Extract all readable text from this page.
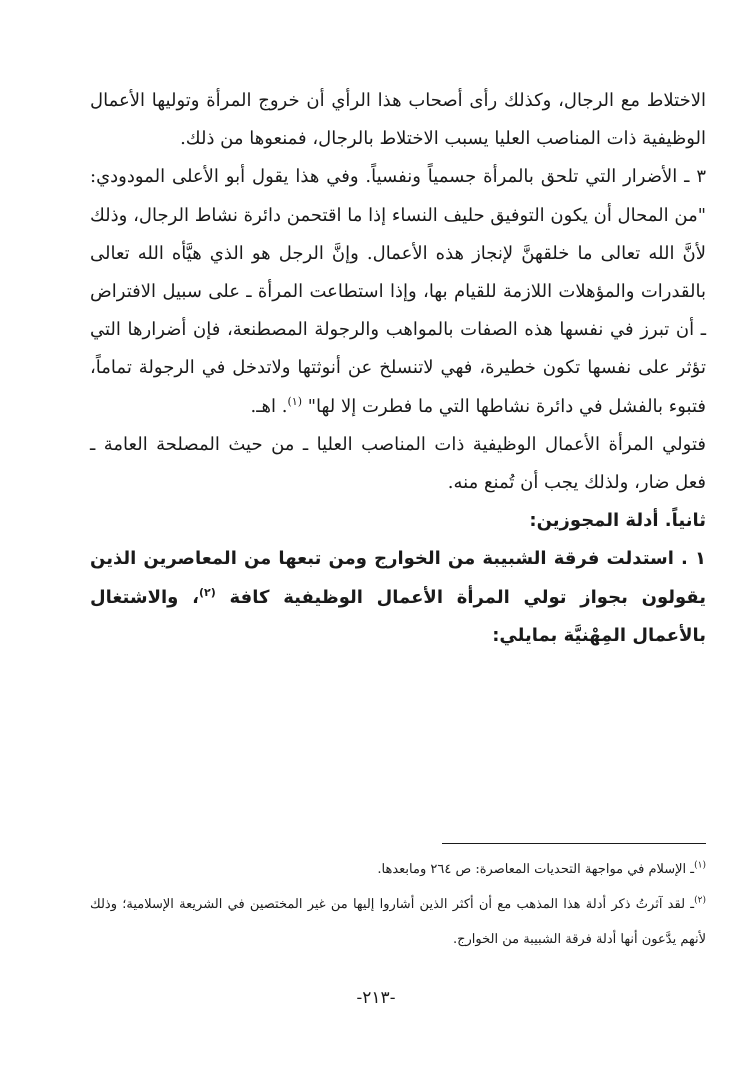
الاختلاط مع الرجال، وكذلك رأى أصحاب هذا الرأي أن خروج المرأة وتوليها الأعمال الوظيفية ذات المناصب العليا يسبب الاختلاط بالرجال، فمنعوها من ذلك.

٣ ـ الأضرار التي تلحق بالمرأة جسمياً ونفسياً. وفي هذا يقول أبو الأعلى المودودي: "من المحال أن يكون التوفيق حليف النساء إذا ما اقتحمن دائرة نشاط الرجال، وذلك لأنَّ الله تعالى ما خلقهنَّ لإنجاز هذه الأعمال. وإنَّ الرجل هو الذي هيَّأه الله تعالى بالقدرات والمؤهلات اللازمة للقيام بها، وإذا استطاعت المرأة ـ على سبيل الافتراض ـ أن تبرز في نفسها هذه الصفات بالمواهب والرجولة المصطنعة، فإن أضرارها التي تؤثر على نفسها تكون خطيرة، فهي لاتنسلخ عن أنوثتها ولاتدخل في الرجولة تماماً، فتبوء بالفشل في دائرة نشاطها التي ما فطرت إلا لها" $^{(١)}$. اهـ.

فتولي المرأة الأعمال الوظيفية ذات المناصب العليا ـ من حيث المصلحة العامة ـ فعل ضار، ولذلك يجب أن تُمنع منه.

ثانياً. أدلة المجوزين:

١ . استدلت فرقة الشبيبة من الخوارج ومن تبعها من المعاصرين الذين يقولون بجواز تولي المرأة الأعمال الوظيفية كافة $^{(٢)}$، والاشتغال بالأعمال المِهْنيَّة بمايلي:

$^{(١)}$ـ الإسلام في مواجهة التحديات المعاصرة: ص ٢٦٤ ومابعدها.

$^{(٢)}$ـ لقد آثرتُ ذكر أدلة هذا المذهب مع أن أكثر الذين أشاروا إليها من غير المختصين في الشريعة الإسلامية؛ وذلك لأنهم يدَّعون أنها أدلة فرقة الشبيبة من الخوارج.

-٢١٣-
